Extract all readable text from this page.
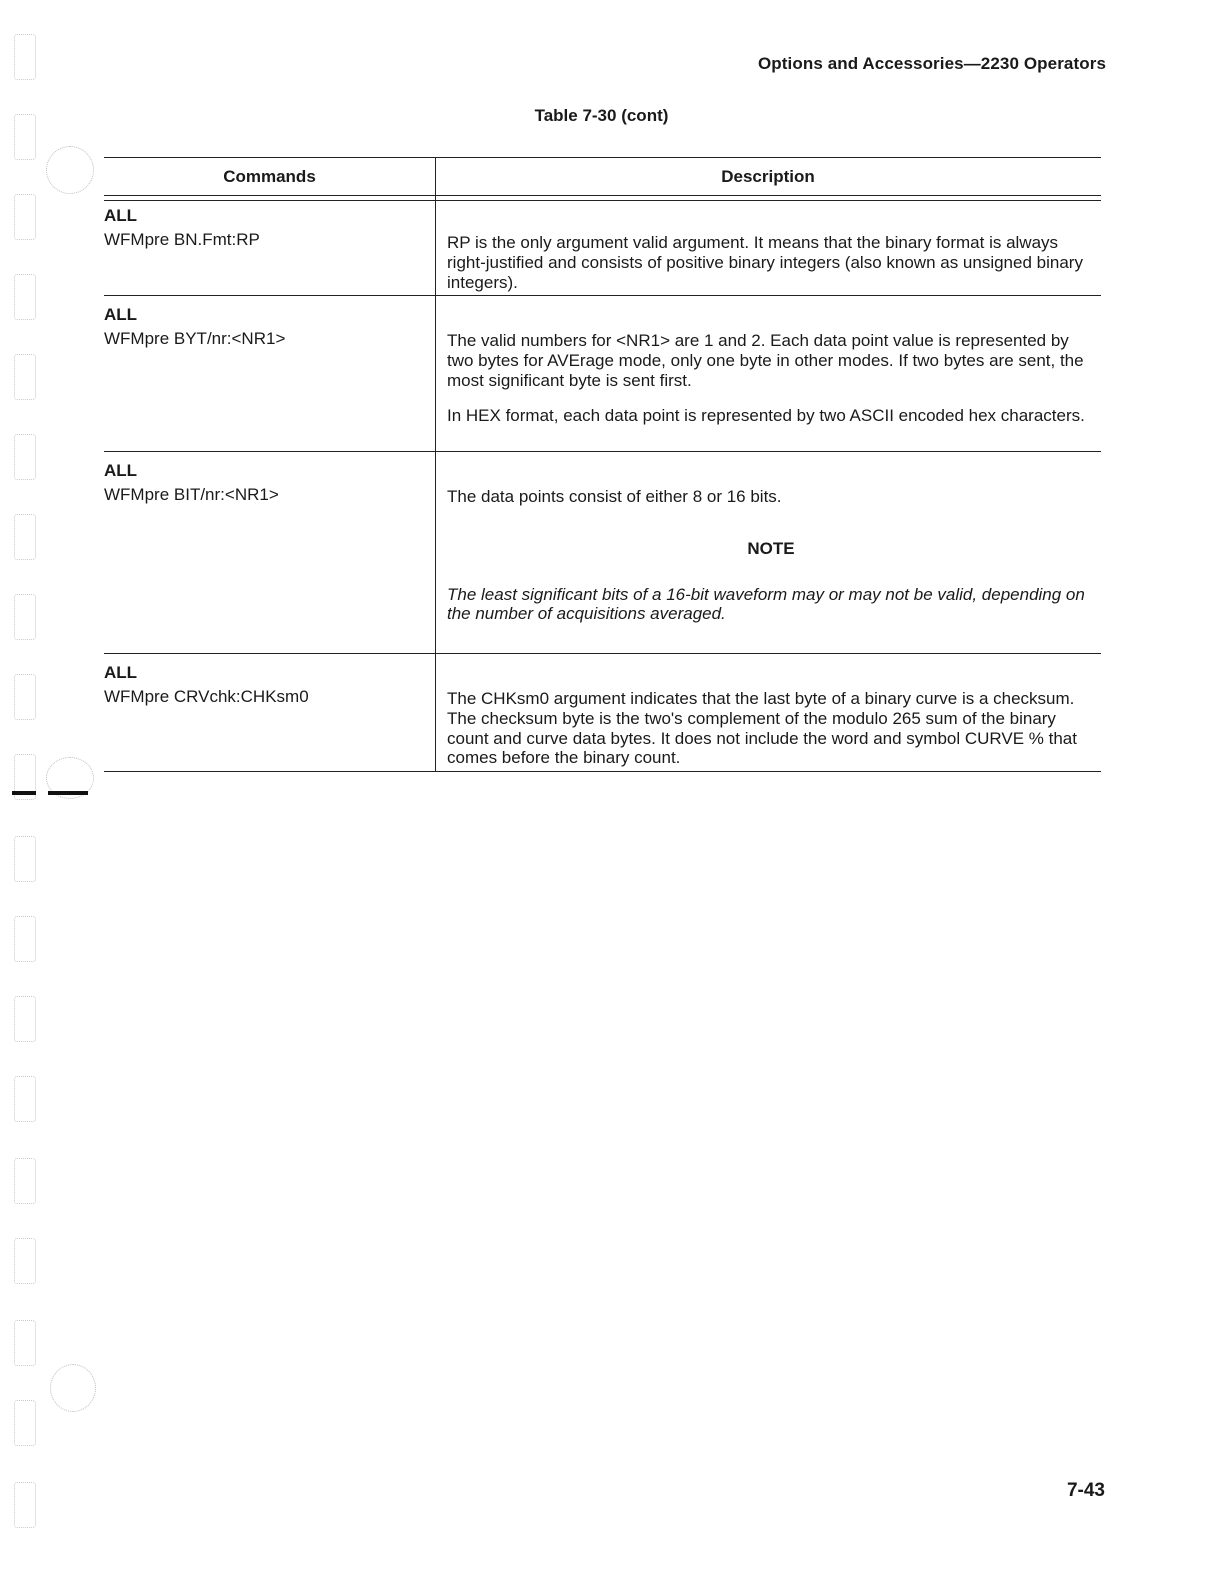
Options and Accessories—2230 Operators
Table 7-30 (cont)
Commands	Description
ALL
WFMpre BN.Fmt:RP	RP is the only argument valid argument. It means that the binary format is always right-justified and consists of positive binary integers (also known as unsigned binary integers).

ALL
WFMpre BYT/nr:<NR1>	The valid numbers for <NR1> are 1 and 2. Each data point value is represented by two bytes for AVErage mode, only one byte in other modes. If two bytes are sent, the most significant byte is sent first.

In HEX format, each data point is represented by two ASCII encoded hex characters.

ALL
WFMpre BIT/nr:<NR1>	The data points consist of either 8 or 16 bits.

NOTE

The least significant bits of a 16-bit waveform may or may not be valid, depending on the number of acquisitions averaged.

ALL
WFMpre CRVchk:CHKsm0	The CHKsm0 argument indicates that the last byte of a binary curve is a checksum. The checksum byte is the two's complement of the modulo 265 sum of the binary count and curve data bytes. It does not include the word and symbol CURVE % that comes before the binary count.

7-43
